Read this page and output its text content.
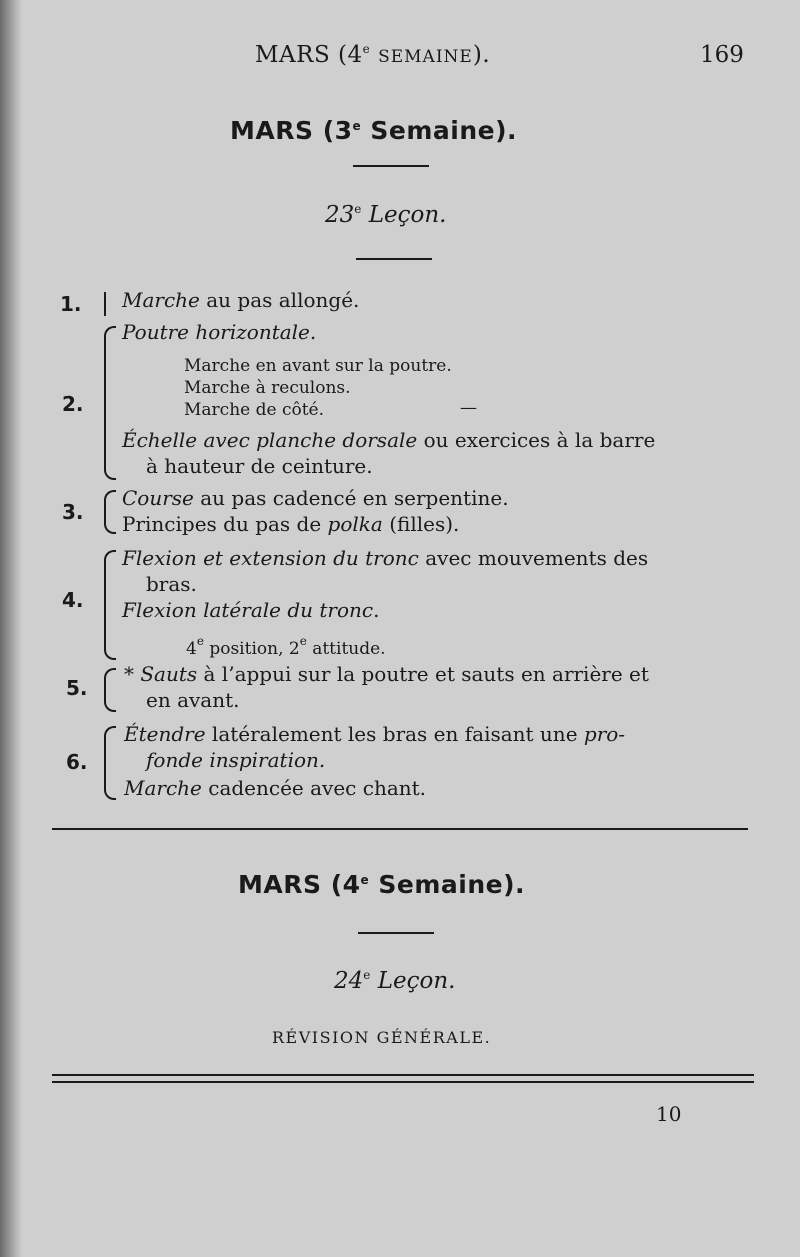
MARS (4e SEMAINE).	169
MARS (3e Semaine).
23e Leçon.
1. Marche au pas allongé.
2.
Poutre horizontale.
Marche en avant sur la poutre.
Marche à reculons.
Marche de côté.	—
Échelle avec planche dorsale ou exercices à la barre
à hauteur de ceinture.
3.
Course au pas cadencé en serpentine.
Principes du pas de polka (filles).
4.
Flexion et extension du tronc avec mouvements des
bras.
Flexion latérale du tronc.
4e position, 2e attitude.
5.
* Sauts à l’appui sur la poutre et sauts en arrière et
en avant.
6.
Étendre latéralement les bras en faisant une pro-
fonde inspiration.
Marche cadencée avec chant.
MARS (4e Semaine).
24e Leçon.
RÉVISION GÉNÉRALE.
10
